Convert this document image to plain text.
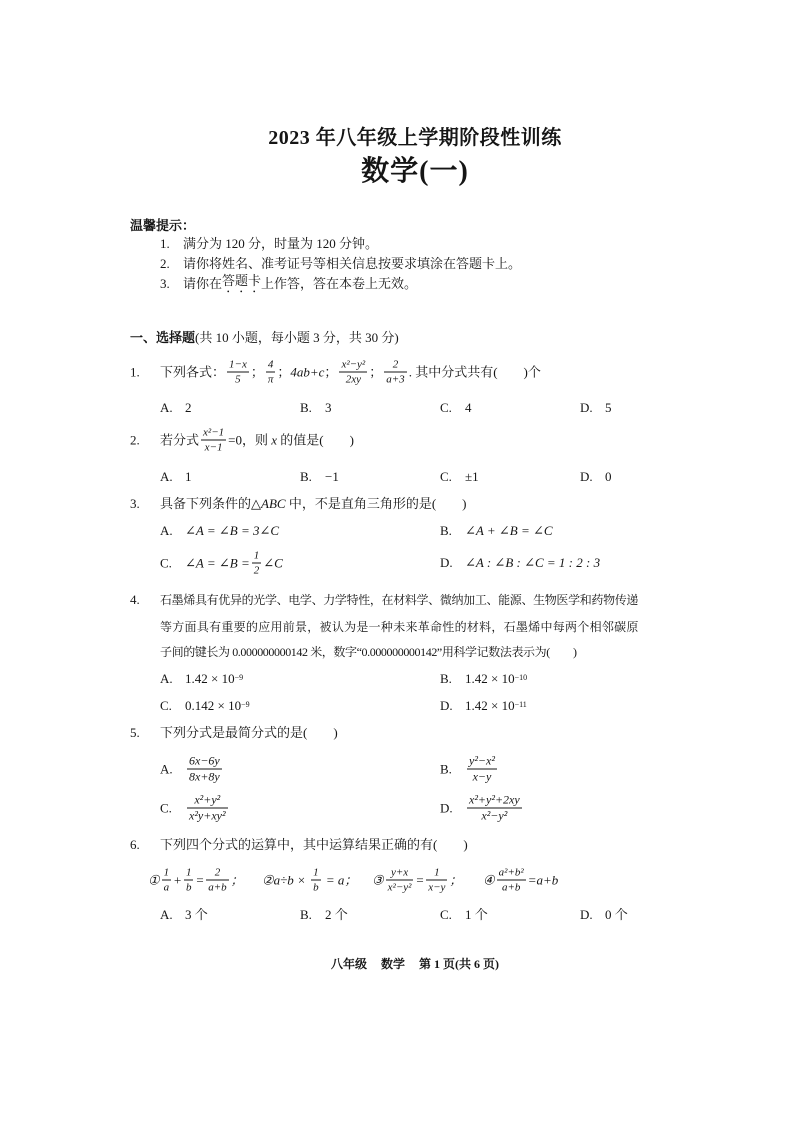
2023 年八年级上学期阶段性训练
数学(一)
温馨提示：
1.	满分为 120 分，时量为 120 分钟。
2.	请你将姓名、准考证号等相关信息按要求填涂在答题卡上。
3.	请你在 答题卡 上作答，答在本卷上无效。
一、选择题 (共 10 小题，每小题 3 分，共 30 分)
1.	下列各式： $\frac{1-x}{5}$ ； $\frac{4}{\pi}$ ； 4ab+c ； $\frac{\text{x²−y²}}{2xy}$ ； $\frac{2}{a+3}$ . 其中分式共有(　　)个
A. 2	B.	3	C.	4	D. 5
2.	若分式 $\frac{\text{x²−1}}{x-1} =0$，则 x 的值是(　　)
A. 1	B.	−1	C.	±1	D. 0
3.	具备下列条件的 △ABC 中，不是直角三角形的是(　　)
A. ∠A = ∠B = 3∠C	B.	∠A + ∠B = ∠C
C.	∠A = ∠B = $\frac{1}{2}$ ∠C	D. ∠A : ∠B : ∠C = 1 : 2 : 3
4. 石墨烯具有优异的光学、电学、力学特性，在材料学、微纳加工、能源、生物医学和药物传递
等方面具有重要的应用前景，被认为是一种未来革命性的材料，石墨烯中每两个相邻碳原
子间的键长为 0.000000000142 米，数字“0.000000000142”用科学记数法表示为(　　)
A. $1.42 \times 10^{-9}$	B.	$1.42 \times 10^{-10}$
C.	$0.142 \times 10^{-9}$	D. $1.42 \times 10^{-11}$
5.	下列分式是最简分式的是(　　)
A.	$\frac{6x-6y}{8x+8y}$	B.	$\frac{\text{y²−x²}}{x-y}$
C.	$\frac{\text{x²+y²}}{\text{x²y+xy²}}$	D.	$\frac{\text{x²+y²+2xy}}{\text{x²−y²}}$
6.	下列四个分式的运算中，其中运算结果正确的有(　　)
① $\frac{1}{a} + \frac{1}{b} = \frac{2}{a+b}$ ； ② $a\div b \times \frac{1}{b} = a$； ③ $\frac{y+x}{\text{x²−y²}} = \frac{1}{x-y}$ ； ④ $\frac{\text{a²+b²}}{a+b} =a+b$
A. 3 个	B.	2 个	C.	1 个	D. 0 个
八年级 数学 第 1 页(共 6 页)
